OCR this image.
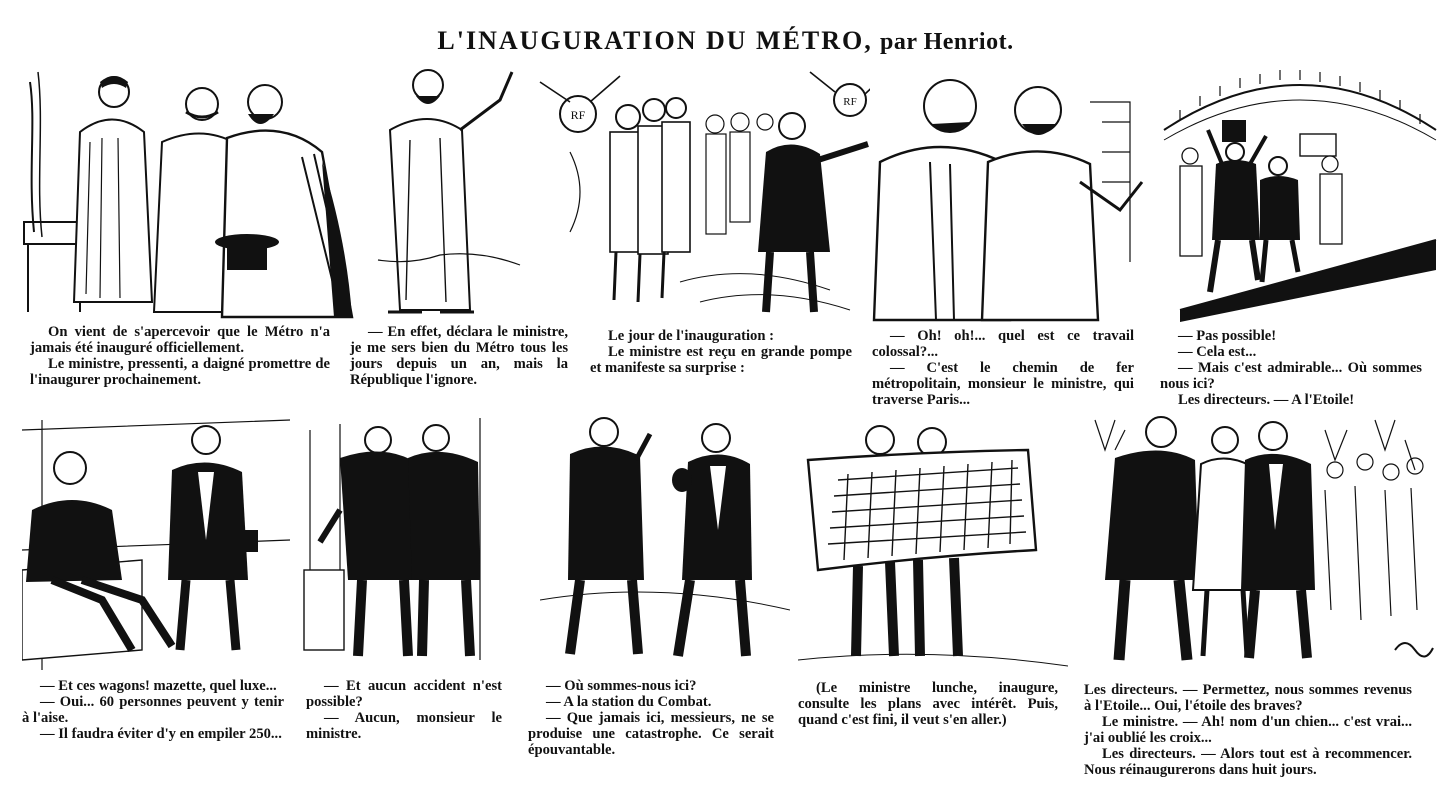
L'INAUGURATION DU MÉTRO, par Henriot.
RF
RF

On vient de s'apercevoir que le Métro n'a jamais été inauguré officiellement.

Le ministre, pressenti, a daigné promettre de l'inaugurer prochainement.

— En effet, déclara le ministre, je me sers bien du Métro tous les jours depuis un an, mais la République l'ignore.

Le jour de l'inauguration :

Le ministre est reçu en grande pompe et manifeste sa surprise :

— Oh! oh!... quel est ce travail colossal?...

— C'est le chemin de fer métropolitain, monsieur le ministre, qui traverse Paris...

— Pas possible!

— Cela est...

— Mais c'est admirable... Où sommes nous ici?

Les directeurs. — A l'Etoile!

— Et ces wagons! mazette, quel luxe...

— Oui... 60 personnes peuvent y tenir à l'aise.

— Il faudra éviter d'y en empiler 250...

— Et aucun accident n'est possible?

— Aucun, monsieur le ministre.

— Où sommes-nous ici?

— A la station du Combat.

— Que jamais ici, messieurs, ne se produise une catastrophe. Ce serait épouvantable.

(Le ministre lunche, inaugure, consulte les plans avec intérêt. Puis, quand c'est fini, il veut s'en aller.)

Les directeurs. — Permettez, nous sommes revenus à l'Etoile... Oui, l'étoile des braves?

Le ministre. — Ah! nom d'un chien... c'est vrai... j'ai oublié les croix...

Les directeurs. — Alors tout est à recommencer. Nous réinaugurerons dans huit jours.
